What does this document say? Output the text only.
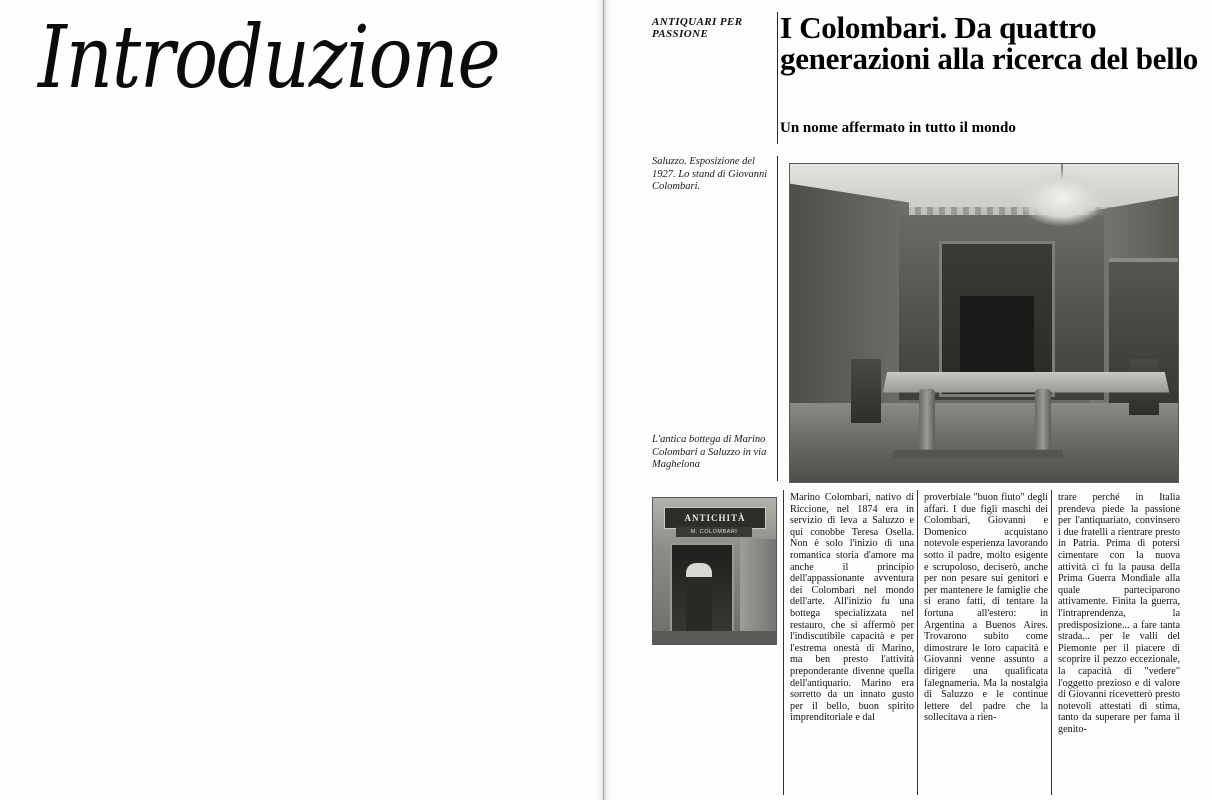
Introduzione	ANTIQUARI PER PASSIONE	I Colombari. Da quattro generazioni alla ricerca del bello
Un nome affermato in tutto il mondo
Saluzzo. Esposizione del 1927. Lo stand di Giovanni Colombari.
L'antica bottega di Marino Colombari a Saluzzo in via Maghelona
ANTICHITÀ
M. COLOMBARI
Marino Colombari, nativo di Riccione, nel 1874 era in servizio di leva a Saluzzo e qui conobbe Teresa Osella. Non è solo l'inizio di una romantica storia d'amore ma anche il principio dell'appassionante avventura dei Colombari nel mondo dell'arte. All'inizio fu una bottega specializzata nel restauro, che si affermò per l'indiscutibile capacità e per l'estrema onestà di Marino, ma ben presto l'attività preponderante divenne quella dell'antiquario. Marino era sorretto da un innato gusto per il bello, buon spirito imprenditoriale e dal
proverbiale "buon fiuto" degli affari. I due figli maschi dei Colombari, Giovanni e Domenico acquistano notevole esperienza lavorando sotto il padre, molto esigente e scrupoloso, deciserò, anche per non pesare sui genitori e per mantenere le famiglie che si erano fatti, di tentare la fortuna all'estero: in Argentina a Buenos Aires. Trovarono subito come dimostrare le loro capacità e Giovanni venne assunto a dirigere una qualificata falegnameria. Ma la nostalgia di Saluzzo e le continue lettere del padre che la sollecitava a rien-
trare perché in Italia prendeva piede la passione per l'antiquariato, convinsero i due fratelli a rientrare presto in Patria. Prima di potersi cimentare con la nuova attività ci fu la pausa della Prima Guerra Mondiale alla quale parteciparono attivamente. Finita la guerra, l'intraprendenza, la predisposizione... a fare tanta strada... per le valli del Piemonte per il piacere di scoprire il pezzo eccezionale, la capacità di "vedere" l'oggetto prezioso e di valore di Giovanni ricevetterò presto notevoli attestati di stima, tanto da superare per fama il genito-
